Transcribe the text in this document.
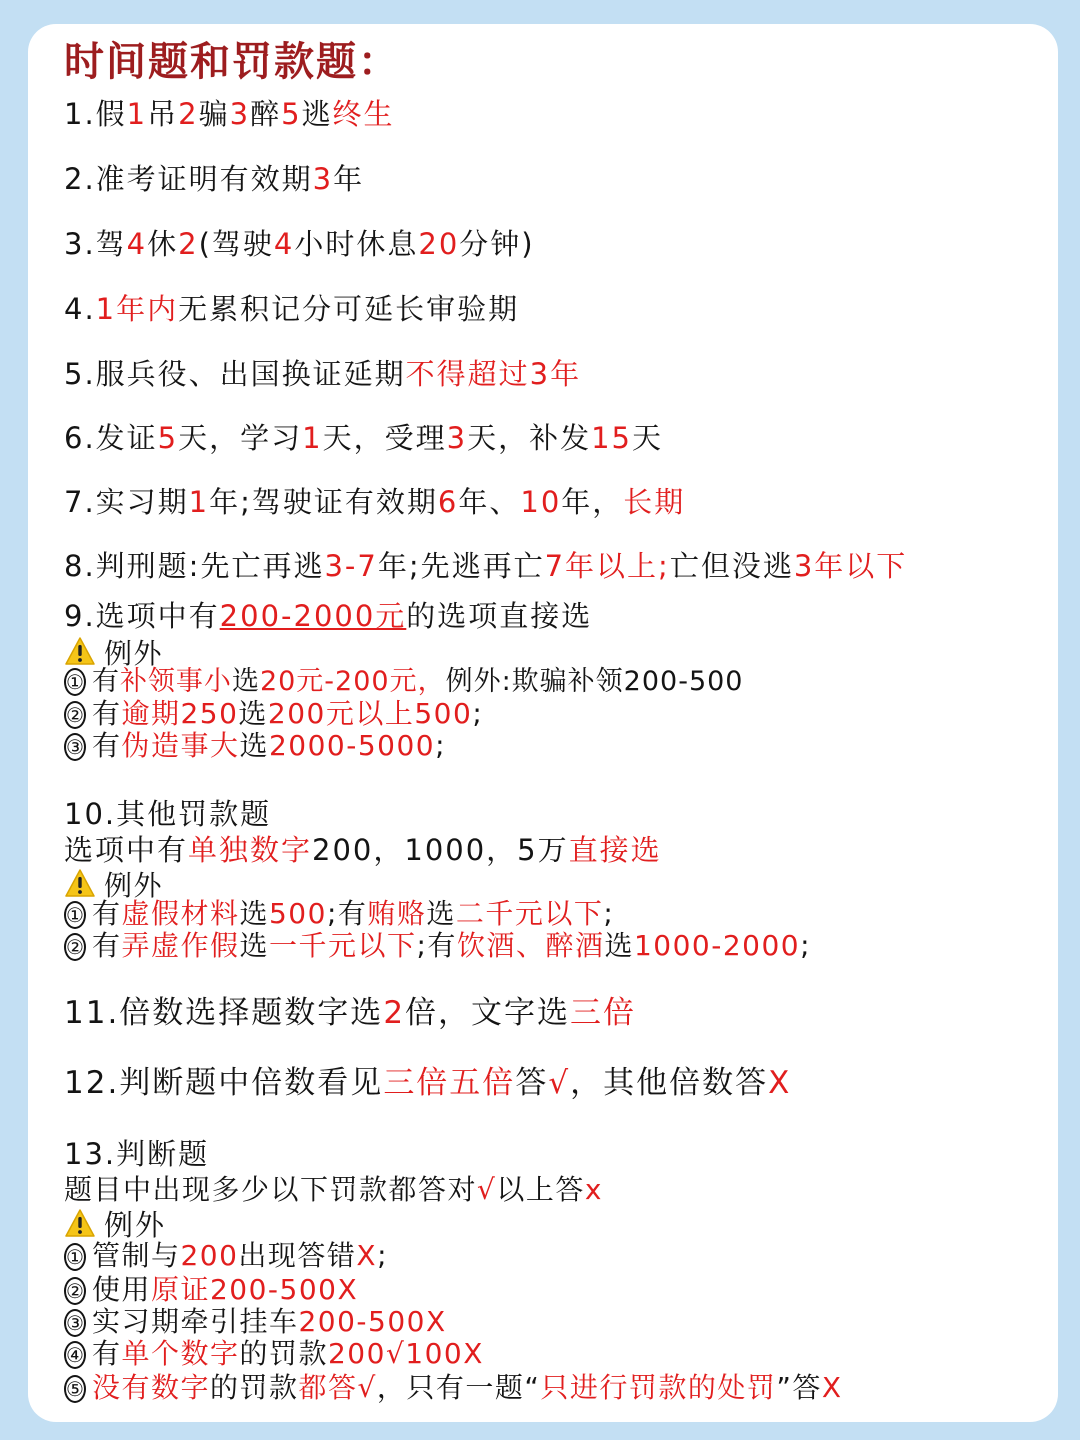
时间题和罚款题：
1.假1吊2骗3醉5逃终生
2.准考证明有效期3年
3.驾4休2(驾驶4小时休息20分钟)
4.1年内无累积记分可延长审验期
5.服兵役、出国换证延期不得超过3年
6.发证5天，学习1天，受理3天，补发15天
7.实习期1年;驾驶证有效期6年、10年，长期
8.判刑题:先亡再逃3-7年;先逃再亡7年以上;亡但没逃3年以下
9.选项中有200-2000元的选项直接选
例外
① 有补领事小选20元-200元，例外:欺骗补领200-500
② 有逾期250选200元以上500;
③ 有伪造事大选2000-5000;
10.其他罚款题
选项中有单独数字200，1000，5万直接选
例外
① 有虚假材料选500;有贿赂选二千元以下;
② 有弄虚作假选一千元以下;有饮酒、醉酒选1000-2000;
11.倍数选择题数字选2倍，文字选三倍
12.判断题中倍数看见三倍五倍答√，其他倍数答X
13.判断题
题目中出现多少以下罚款都答对√以上答x
例外
① 管制与200出现答错X;
② 使用原证200-500X
③ 实习期牵引挂车200-500X
④ 有单个数字的罚款200√100X
⑤ 没有数字的罚款都答√，只有一题“只进行罚款的处罚”答X
